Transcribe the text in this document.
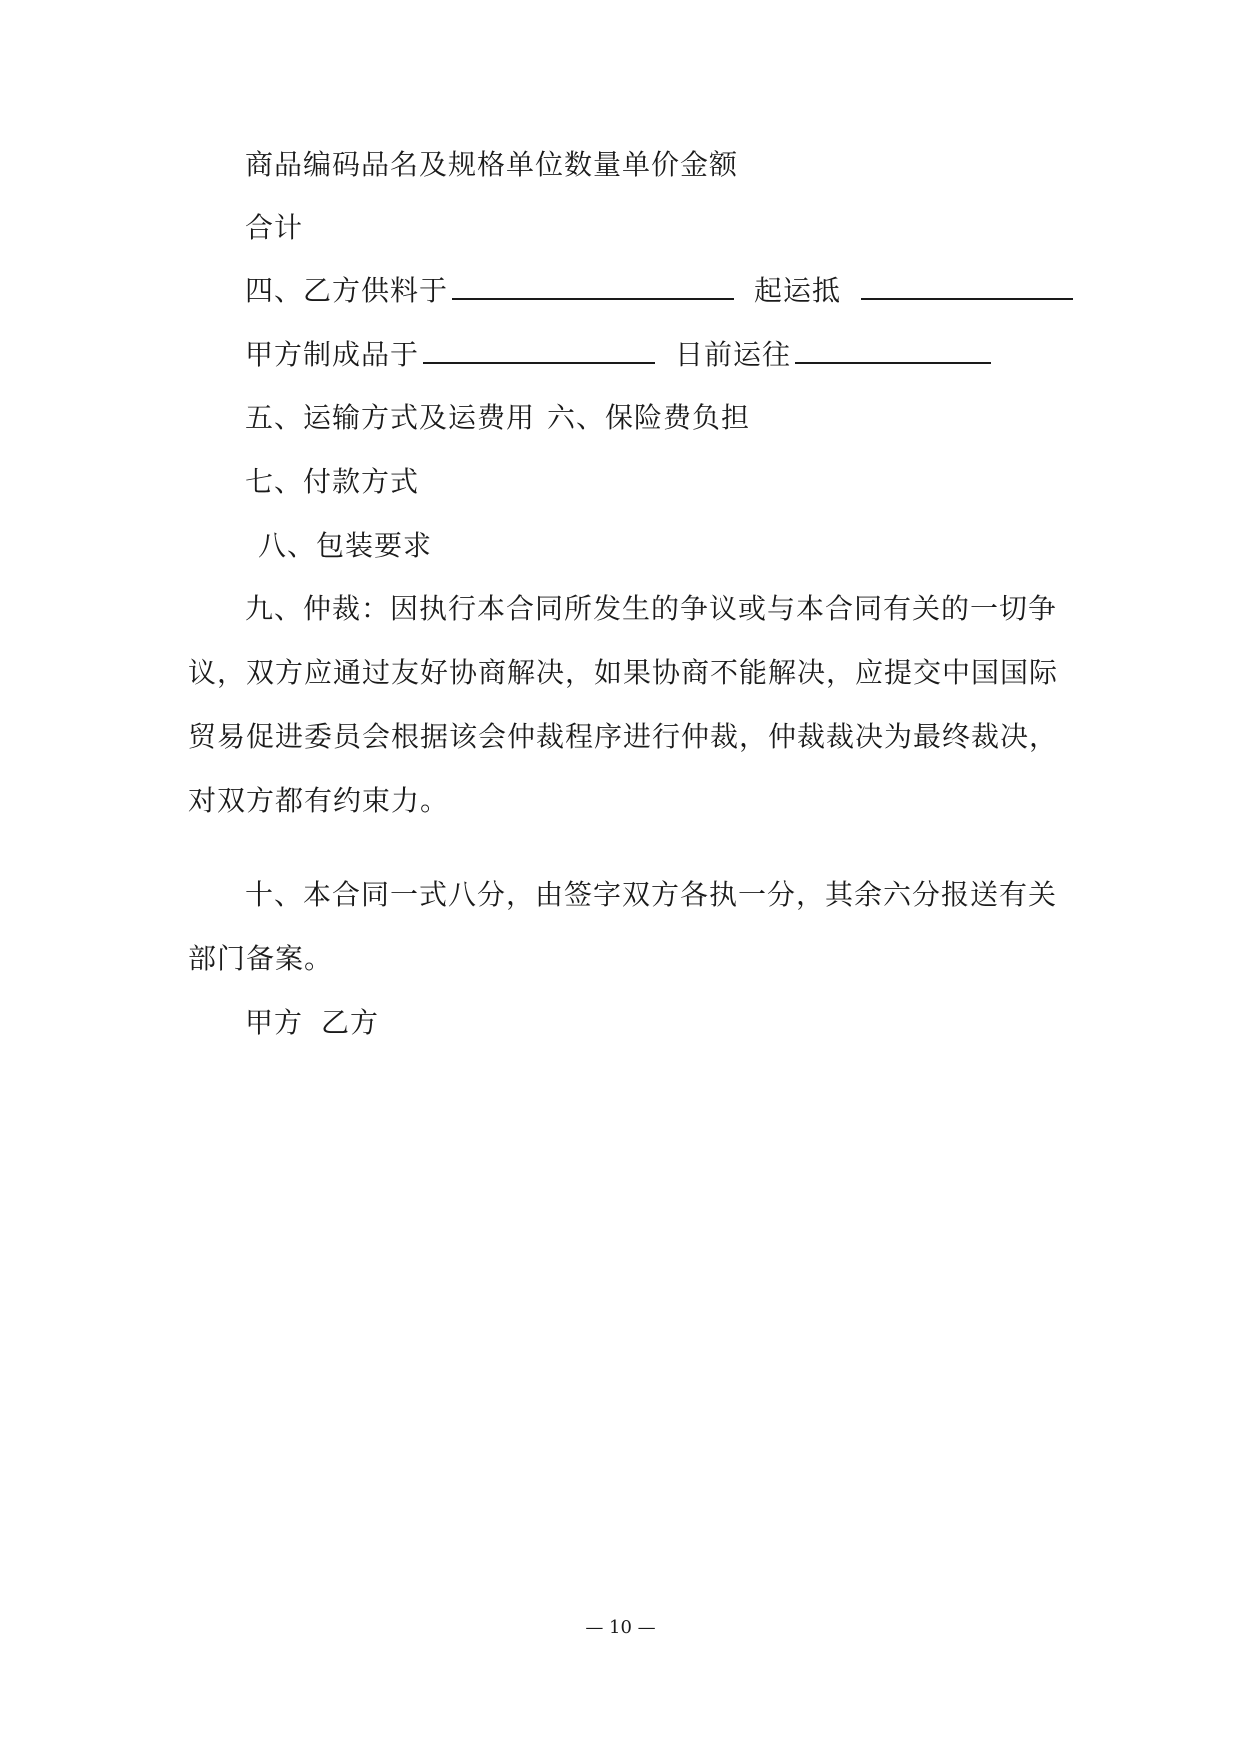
商品编码品名及规格单位数量单价金额
合计
四、乙方供料于	起运抵
甲方制成品于	日前运往
五、运输方式及运费用 六、保险费负担
七、付款方式
八、包装要求
九、仲裁：因执行本合同所发生的争议或与本合同有关的一切争
议，双方应通过友好协商解决，如果协商不能解决，应提交中国国际
贸易促进委员会根据该会仲裁程序进行仲裁，仲裁裁决为最终裁决，
对双方都有约束力。
十、本合同一式八分，由签字双方各执一分，其余六分报送有关
部门备案。
甲方 乙方
— 10 —
